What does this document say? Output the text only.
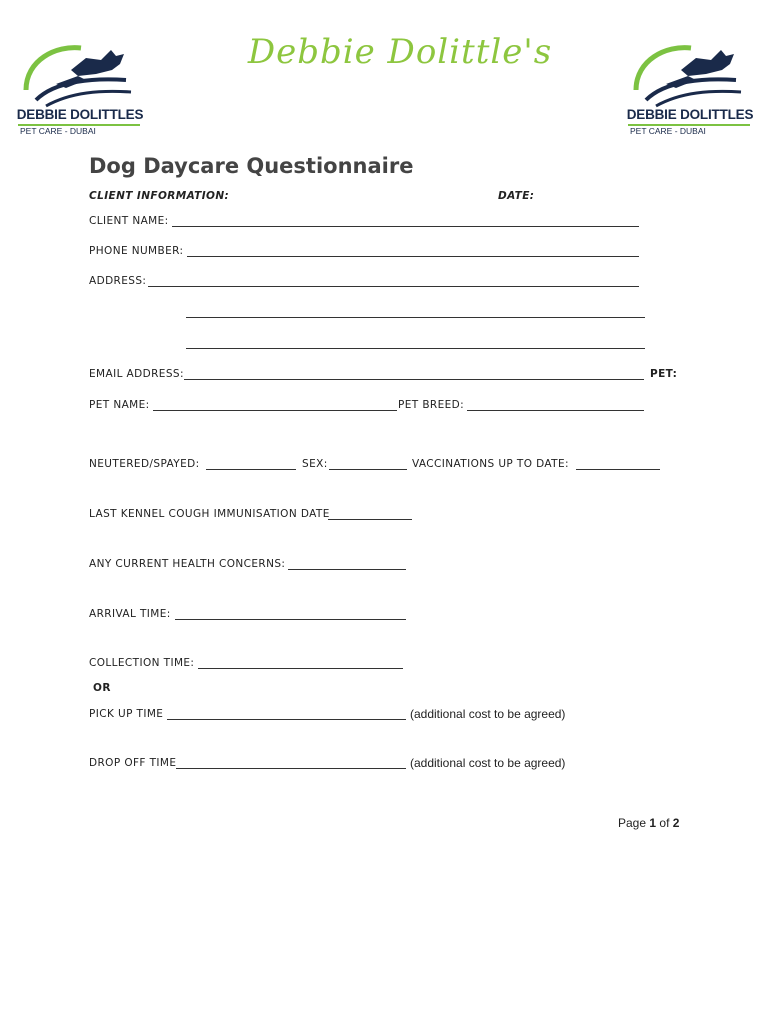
DEBBIE DOLITTLES
PET CARE - DUBAI
Debbie Dolittle's
DEBBIE DOLITTLES
PET CARE - DUBAI
Dog Daycare Questionnaire
CLIENT INFORMATION:	DATE:
CLIENT NAME:
PHONE NUMBER:
ADDRESS:
EMAIL ADDRESS:	PET:
PET NAME:	PET BREED:
NEUTERED/SPAYED:	SEX:	VACCINATIONS UP TO DATE:
LAST KENNEL COUGH IMMUNISATION DATE
ANY CURRENT HEALTH CONCERNS:
ARRIVAL TIME:
COLLECTION TIME:
OR
PICK UP TIME	(additional cost to be agreed)
DROP OFF TIME	(additional cost to be agreed)
Page 1 of 2
